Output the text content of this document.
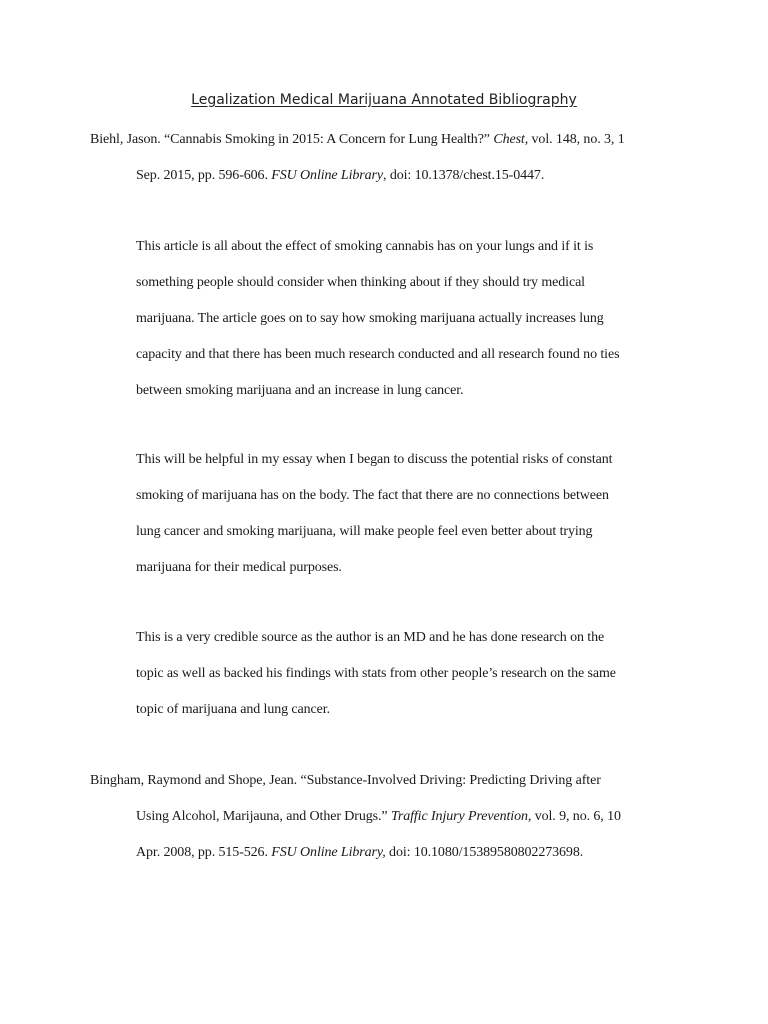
Legalization Medical Marijuana Annotated Bibliography
Biehl, Jason. “Cannabis Smoking in 2015: A Concern for Lung Health?” Chest, vol. 148, no. 3, 1
Sep. 2015, pp. 596-606. FSU Online Library, doi: 10.1378/chest.15-0447.
This article is all about the effect of smoking cannabis has on your lungs and if it is
something people should consider when thinking about if they should try medical
marijuana. The article goes on to say how smoking marijuana actually increases lung
capacity and that there has been much research conducted and all research found no ties
between smoking marijuana and an increase in lung cancer.
This will be helpful in my essay when I began to discuss the potential risks of constant
smoking of marijuana has on the body. The fact that there are no connections between
lung cancer and smoking marijuana, will make people feel even better about trying
marijuana for their medical purposes.
This is a very credible source as the author is an MD and he has done research on the
topic as well as backed his findings with stats from other people’s research on the same
topic of marijuana and lung cancer.
Bingham, Raymond and Shope, Jean. “Substance-Involved Driving: Predicting Driving after
Using Alcohol, Marijauna, and Other Drugs.” Traffic Injury Prevention, vol. 9, no. 6, 10
Apr. 2008, pp. 515-526. FSU Online Library, doi: 10.1080/15389580802273698.
